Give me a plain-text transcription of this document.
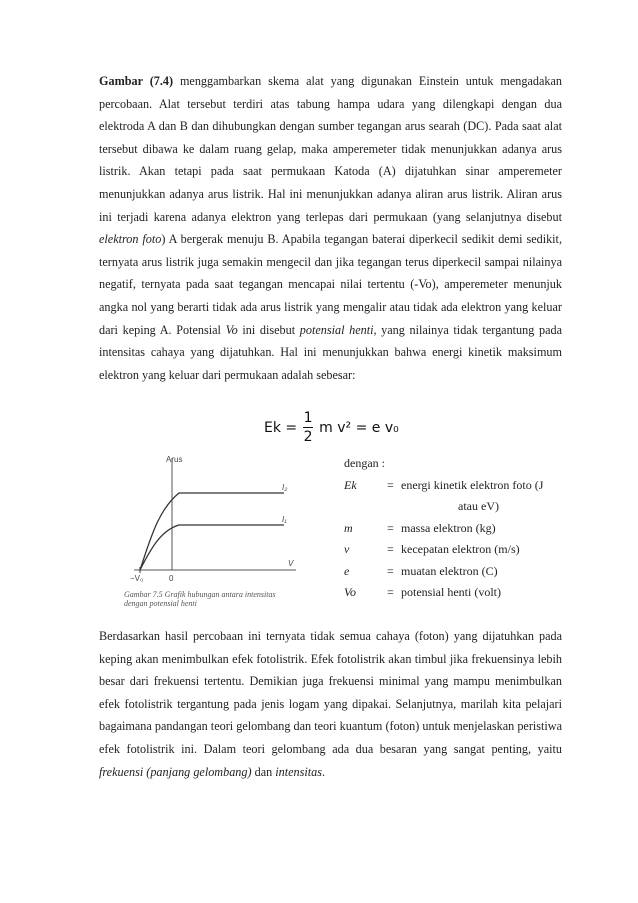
Gambar (7.4) menggambarkan skema alat yang digunakan Einstein untuk mengadakan percobaan. Alat tersebut terdiri atas tabung hampa udara yang dilengkapi dengan dua elektroda A dan B dan dihubungkan dengan sumber tegangan arus searah (DC). Pada saat alat tersebut dibawa ke dalam ruang gelap, maka amperemeter tidak menunjukkan adanya arus listrik. Akan tetapi pada saat permukaan Katoda (A) dijatuhkan sinar amperemeter menunjukkan adanya arus listrik. Hal ini menunjukkan adanya aliran arus listrik. Aliran arus ini terjadi karena adanya elektron yang terlepas dari permukaan (yang selanjutnya disebut elektron foto) A bergerak menuju B. Apabila tegangan baterai diperkecil sedikit demi sedikit, ternyata arus listrik juga semakin mengecil dan jika tegangan terus diperkecil sampai nilainya negatif, ternyata pada saat tegangan mencapai nilai tertentu (-Vo), amperemeter menunjuk angka nol yang berarti tidak ada arus listrik yang mengalir atau tidak ada elektron yang keluar dari keping A. Potensial Vo ini disebut potensial henti, yang nilainya tidak tergantung pada intensitas cahaya yang dijatuhkan. Hal ini menunjukkan bahwa energi kinetik maksimum elektron yang keluar dari permukaan adalah sebesar:

$Ek = \frac{1}{2}$ m v² = e v₀
Arus
V
−V₀	0
I₂
I₁
Gambar 7.5 Grafik hubungan antara intensitas
dengan potensial henti
dengan :
Ek	= energi kinetik elektron foto (J
atau eV)
m	= massa elektron (kg)
v	= kecepatan elektron (m/s)
e	= muatan elektron (C)
Vo	= potensial henti (volt)

Berdasarkan hasil percobaan ini ternyata tidak semua cahaya (foton) yang dijatuhkan pada keping akan menimbulkan efek fotolistrik. Efek fotolistrik akan timbul jika frekuensinya lebih besar dari frekuensi tertentu. Demikian juga frekuensi minimal yang mampu menimbulkan efek fotolistrik tergantung pada jenis logam yang dipakai. Selanjutnya, marilah kita pelajari bagaimana pandangan teori gelombang dan teori kuantum (foton) untuk menjelaskan peristiwa efek fotolistrik ini. Dalam teori gelombang ada dua besaran yang sangat penting, yaitu frekuensi (panjang gelombang) dan intensitas.
